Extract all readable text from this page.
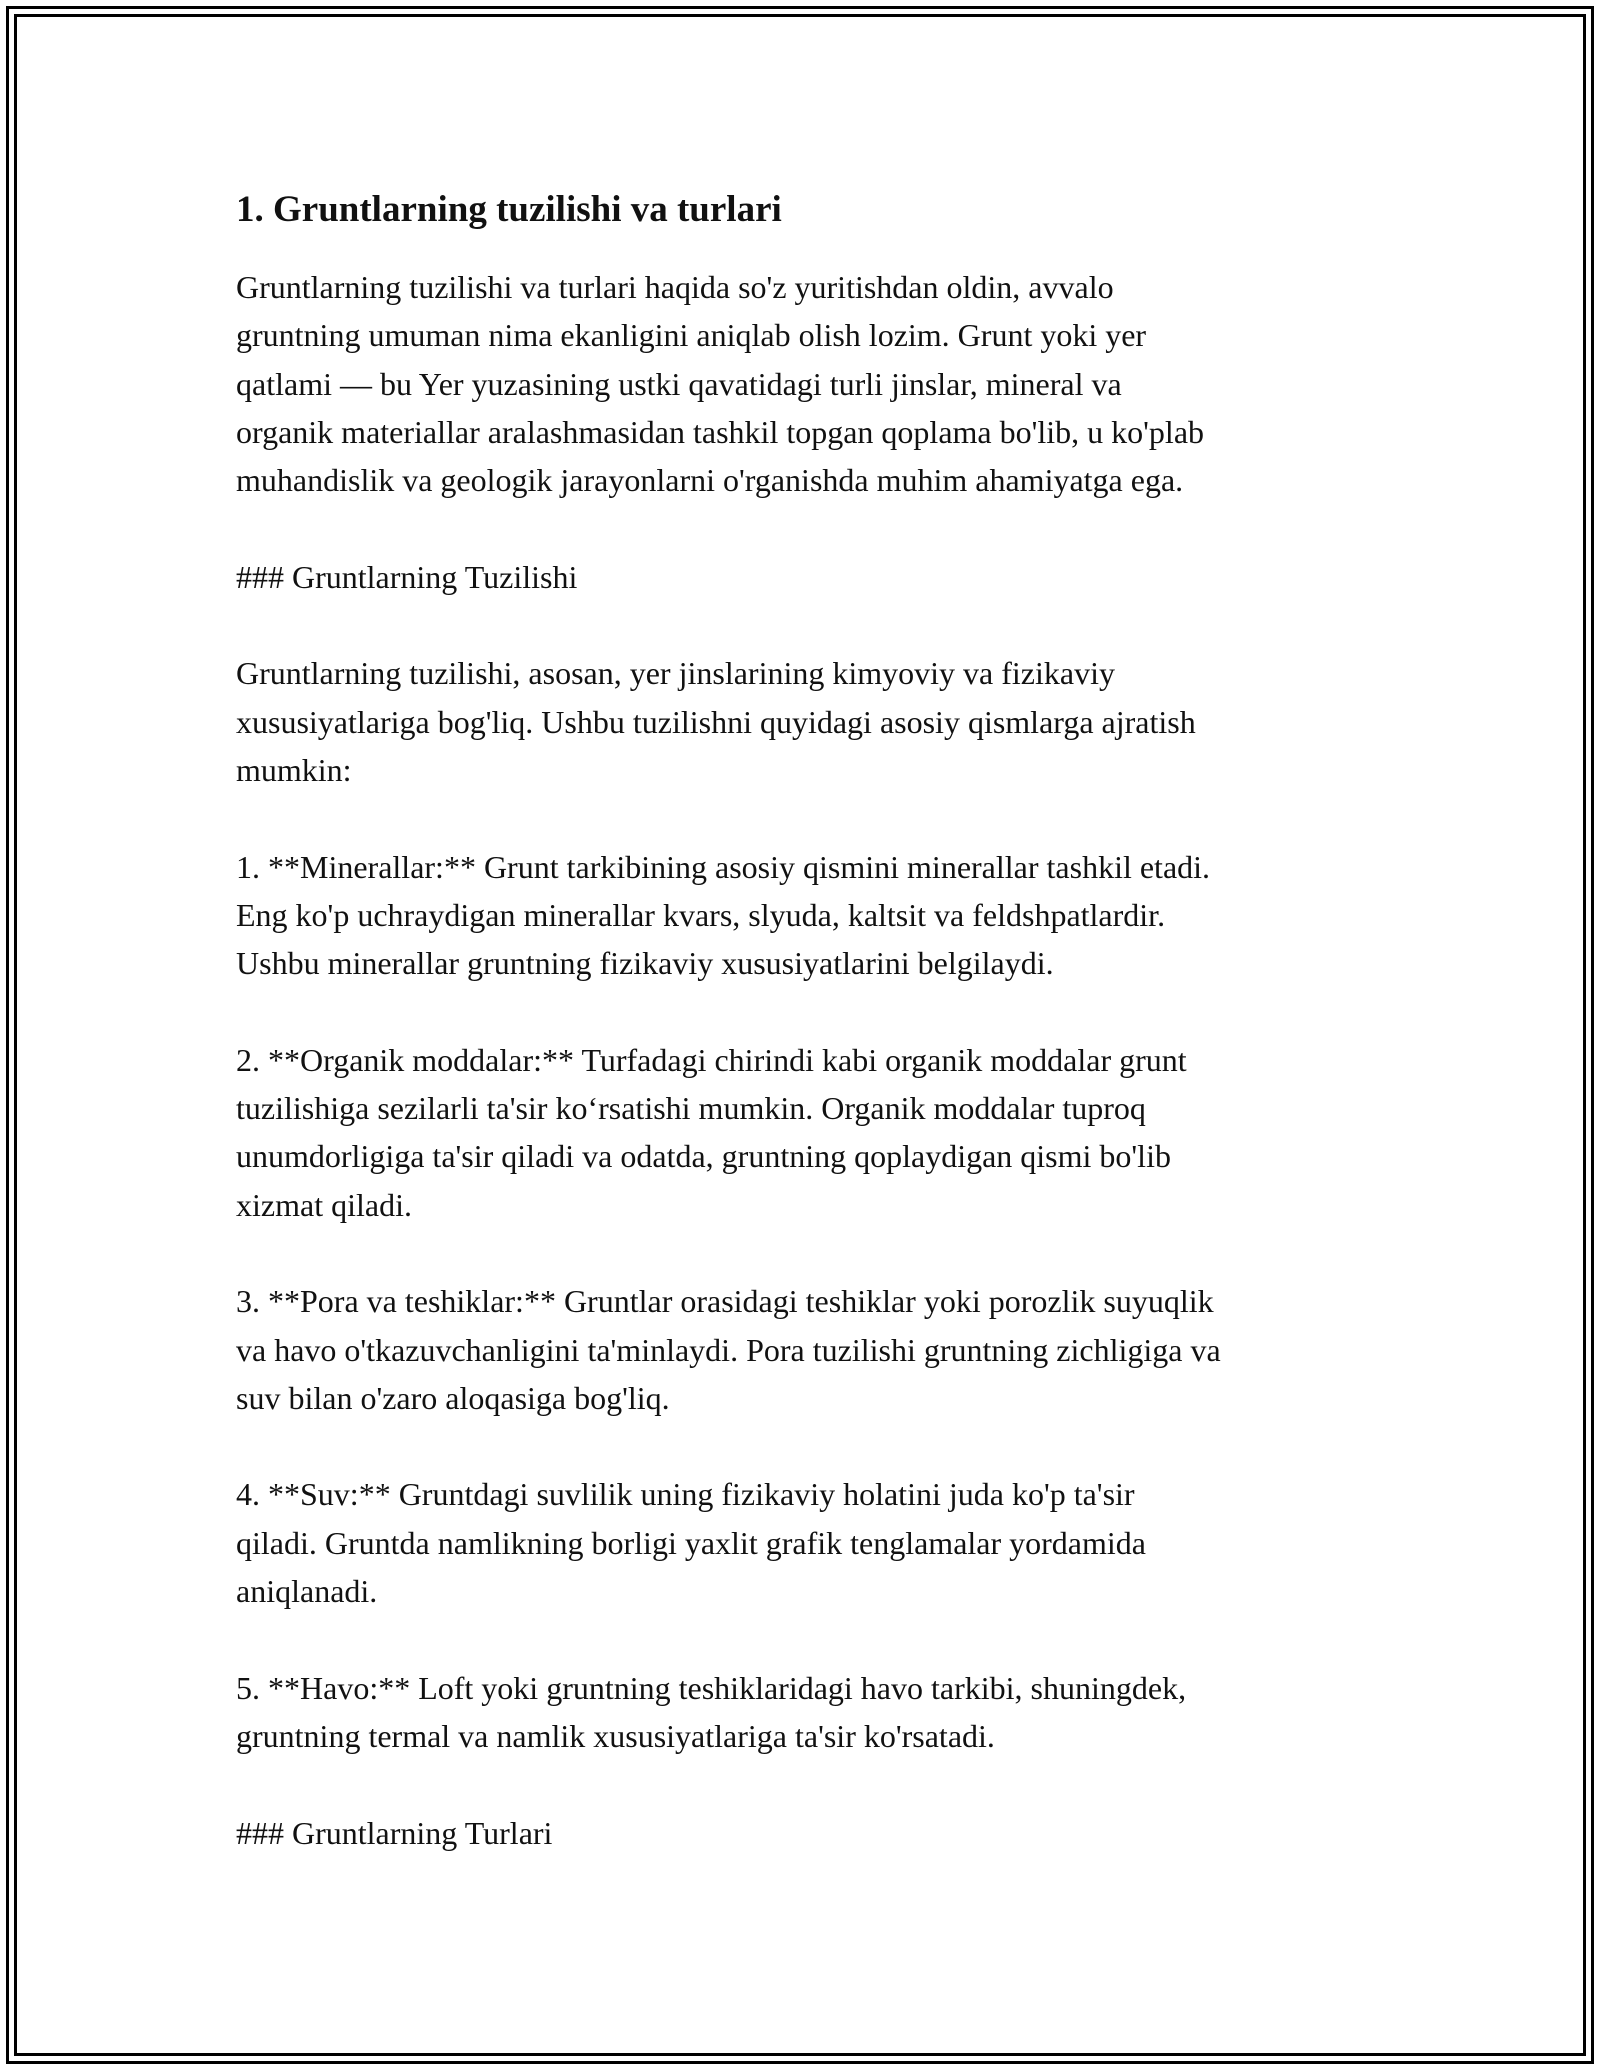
1. Gruntlarning tuzilishi va turlari

Gruntlarning tuzilishi va turlari haqida so'z yuritishdan oldin, avvalo
gruntning umuman nima ekanligini aniqlab olish lozim. Grunt yoki yer
qatlami — bu Yer yuzasining ustki qavatidagi turli jinslar, mineral va
organik materiallar aralashmasidan tashkil topgan qoplama bo'lib, u ko'plab
muhandislik va geologik jarayonlarni o'rganishda muhim ahamiyatga ega.

### Gruntlarning Tuzilishi

Gruntlarning tuzilishi, asosan, yer jinslarining kimyoviy va fizikaviy
xususiyatlariga bog'liq. Ushbu tuzilishni quyidagi asosiy qismlarga ajratish
mumkin:

1. **Minerallar:** Grunt tarkibining asosiy qismini minerallar tashkil etadi.
Eng ko'p uchraydigan minerallar kvars, slyuda, kaltsit va feldshpatlardir.
Ushbu minerallar gruntning fizikaviy xususiyatlarini belgilaydi.

2. **Organik moddalar:** Turfadagi chirindi kabi organik moddalar grunt
tuzilishiga sezilarli ta'sir koʻrsatishi mumkin. Organik moddalar tuproq
unumdorligiga ta'sir qiladi va odatda, gruntning qoplaydigan qismi bo'lib
xizmat qiladi.

3. **Pora va teshiklar:** Gruntlar orasidagi teshiklar yoki porozlik suyuqlik
va havo o'tkazuvchanligini ta'minlaydi. Pora tuzilishi gruntning zichligiga va
suv bilan o'zaro aloqasiga bog'liq.

4. **Suv:** Gruntdagi suvlilik uning fizikaviy holatini juda ko'p ta'sir
qiladi. Gruntda namlikning borligi yaxlit grafik tenglamalar yordamida
aniqlanadi.

5. **Havo:** Loft yoki gruntning teshiklaridagi havo tarkibi, shuningdek,
gruntning termal va namlik xususiyatlariga ta'sir ko'rsatadi.

### Gruntlarning Turlari
